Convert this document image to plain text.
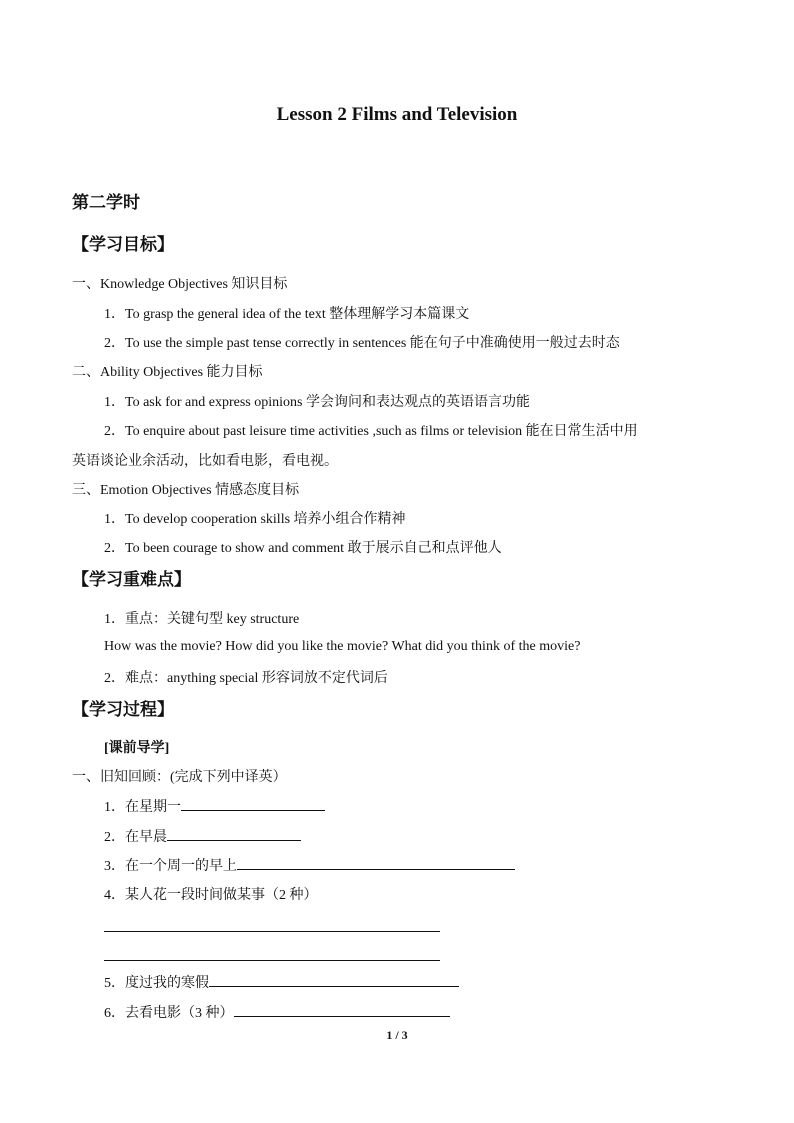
Lesson 2 Films and Television
第二学时
【学习目标】
一、Knowledge Objectives 知识目标
1．To grasp the general idea of the text 整体理解学习本篇课文
2．To use the simple past tense correctly in sentences 能在句子中准确使用一般过去时态
二、Ability Objectives 能力目标
1．To ask for and express opinions 学会询问和表达观点的英语语言功能
2．To enquire about past leisure time activities ,such as films or television 能在日常生活中用
英语谈论业余活动，比如看电影，看电视。
三、Emotion Objectives 情感态度目标
1．To develop cooperation skills 培养小组合作精神
2．To been courage to show and comment 敢于展示自己和点评他人
【学习重难点】
1．重点：关键句型 key structure
How was the movie? How did you like the movie? What did you think of the movie?
2．难点：anything special 形容词放不定代词后
【学习过程】
[课前导学]
一、旧知回顾：(完成下列中译英）
1．在星期一
2．在早晨
3．在一个周一的早上
4．某人花一段时间做某事（2 种）
5．度过我的寒假
6．去看电影（3 种）
1 / 3
